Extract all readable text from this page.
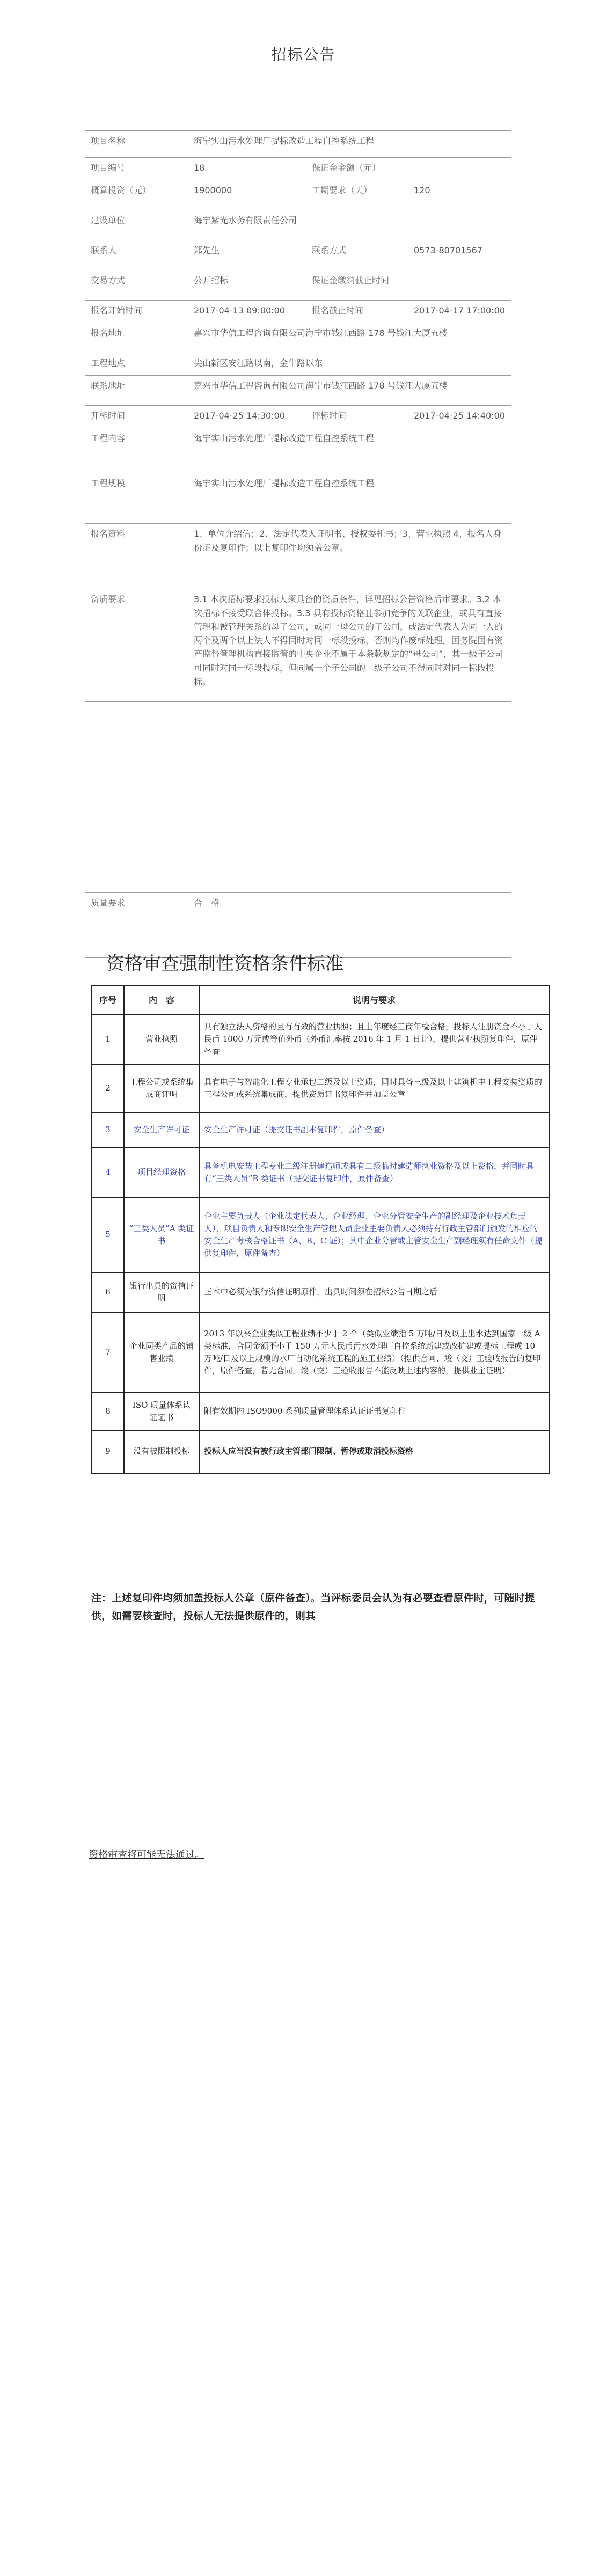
招标公告
项目名称	海宁实山污水处理厂提标改造工程自控系统工程		
项目编号	18	保证金金额（元）	
概算投资（元）	1900000	工期要求（天）	120
建设单位	海宁紫光水务有限责任公司		
联系人	郑先生	联系方式	0573-80701567
交易方式	公开招标	保证金缴纳截止时间	
报名开始时间	2017-04-13 09:00:00	报名截止时间	2017-04-17 17:00:00
报名地址	嘉兴市华信工程咨询有限公司海宁市钱江西路 178 号钱江大厦五楼		
工程地点	尖山新区安江路以南，金牛路以东		
联系地址	嘉兴市华信工程咨询有限公司海宁市钱江西路 178 号钱江大厦五楼		
开标时间	2017-04-25 14:30:00	评标时间	2017-04-25 14:40:00
工程内容	海宁实山污水处理厂提标改造工程自控系统工程		
工程规模	海宁实山污水处理厂提标改造工程自控系统工程		
报名资料	1、单位介绍信；2、法定代表人证明书、授权委托书；3、营业执照 4、报名人身份证及复印件；以上复印件均须盖公章。		
资质要求	3.1 本次招标要求投标人须具备的资质条件，详见招标公告资格后审要求。3.2 本次招标不接受联合体投标。3.3 具有投标资格且参加竞争的关联企业，或具有直接管理和被管理关系的母子公司，或同一母公司的子公司，或法定代表人为同一人的两个及两个以上法人不得同时对同一标段投标，否则均作废标处理。国务院国有资产监督管理机构直接监管的中央企业不属于本条款规定的“母公司”，其一级子公司可同时对同一标段投标，但同属一个子公司的二级子公司不得同时对同一标段投标。		
质量要求	合　格
资格审查强制性资格条件标准
序号	内　容	说明与要求
1	营业执照	具有独立法人资格的且有有效的营业执照；且上年度经工商年检合格，投标人注册资金不小于人民币 1000 万元或等值外币（外币汇率按 2016 年 1 月 1 日计），提供营业执照复印件，原件备查
2	工程公司或系统集成商证明	具有电子与智能化工程专业承包二级及以上资质，同时具备三级及以上建筑机电工程安装资质的工程公司或系统集成商，提供资质证书复印件并加盖公章
3	安全生产许可证	安全生产许可证（提交证书副本复印件，原件备查）
4	项目经理资格	具备机电安装工程专业二级注册建造师或具有二级临时建造师执业资格及以上资格，并同时具有“三类人员”B 类证书（提交证书复印件，原件备查）
5	“三类人员”A 类证书	企业主要负责人（企业法定代表人、企业经理、企业分管安全生产的副经理及企业技术负责人），项目负责人和专职安全生产管理人员企业主要负责人必须持有行政主管部门颁发的相应的安全生产考核合格证书（A、B、C 证）；其中企业分管或主管安全生产副经理须有任命文件（提供复印件，原件备查）
6	银行出具的资信证明	正本中必须为银行资信证明原件，出具时间须在招标公告日期之后
7	企业同类产品的销售业绩	2013 年以来企业类似工程业绩不少于 2 个（类似业绩指 5 万吨/日及以上出水达到国家一级 A 类标准，合同金额不小于 150 万元人民币污水处理厂自控系统新建或改扩建或提标工程或 10 万吨/日及以上规模的水厂自动化系统工程的施工业绩）（提供合同、竣（交）工验收报告的复印件，原件备查，若无合同，竣（交）工验收报告不能反映上述内容的，提供业主证明）
8	ISO 质量体系认证证书	附有效期内 ISO9000 系列质量管理体系认证证书复印件
9	没有被限制投标	投标人应当没有被行政主管部门限制、暂停或取消投标资格
注：上述复印件均须加盖投标人公章（原件备查）。当评标委员会认为有必要查看原件时，可随时提供，如需要核查时，投标人无法提供原件的，则其
资格审查将可能无法通过。
